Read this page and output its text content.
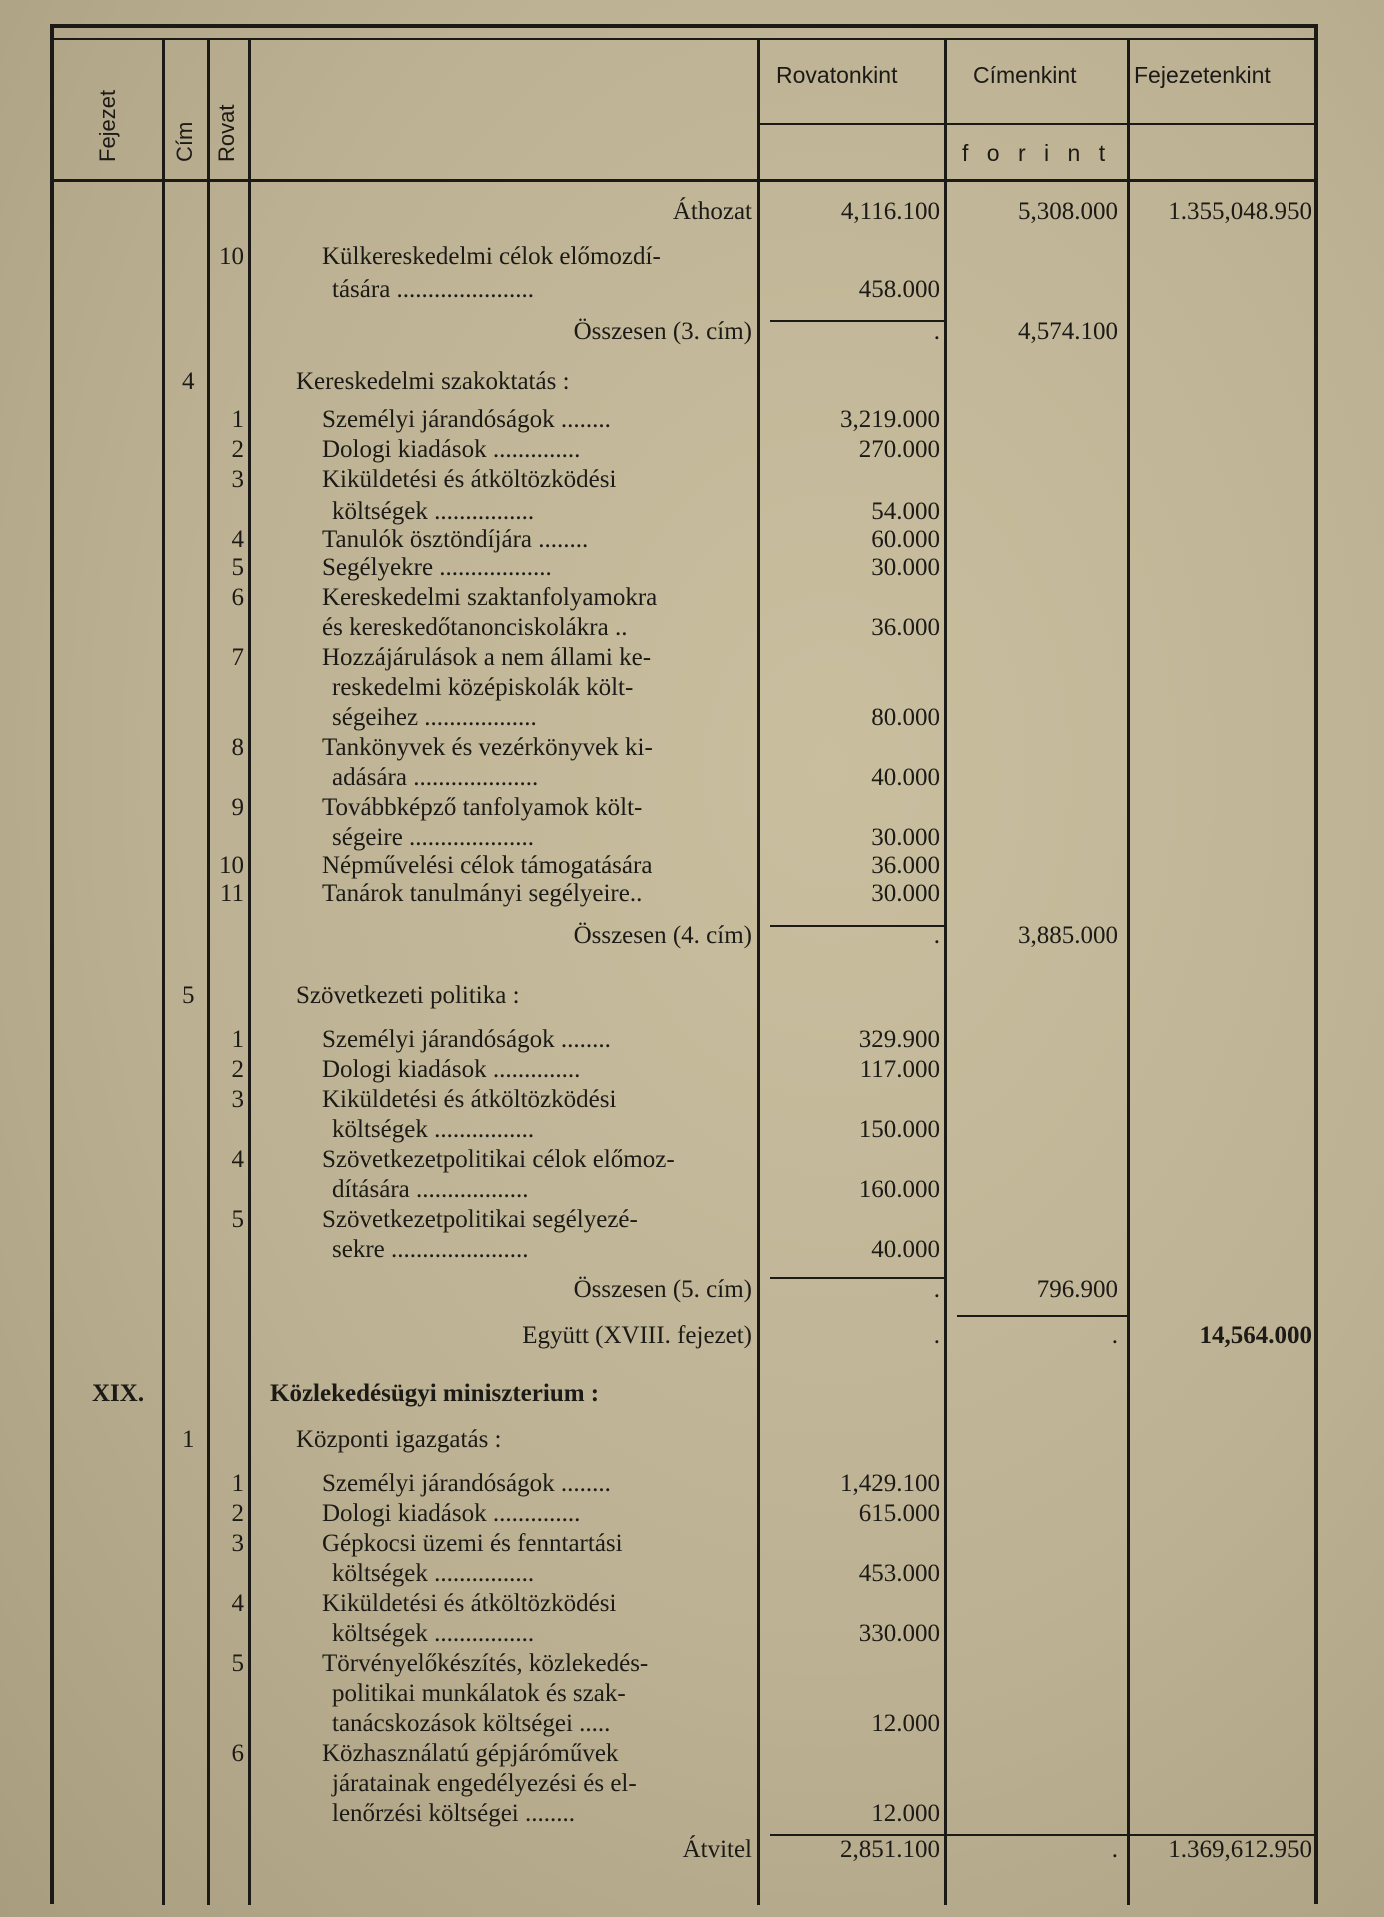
Fejezet Cím Rovat
Rovatonkint	Címenkint Fejezetenkint
f o r i n t
Áthozat	4,116.100	5,308.000 1.355,048.950
10	Külkereskedelmi célok előmozdí-
tására ......................	458.000
Összesen (3. cím)	.	4,574.100
4	Kereskedelmi szakoktatás :
1	Személyi járandóságok ........	3,219.000
2	Dologi kiadások ..............	270.000
3	Kiküldetési és átköltözködési
költségek ................	54.000
4	Tanulók ösztöndíjára ........	60.000
5	Segélyekre ..................	30.000
6	Kereskedelmi szaktanfolyamokra
és kereskedőtanonciskolákra ..	36.000
7	Hozzájárulások a nem állami ke-
reskedelmi középiskolák költ-
ségeihez ..................	80.000
8	Tankönyvek és vezérkönyvek ki-
adására ....................	40.000
9	Továbbképző tanfolyamok költ-
ségeire ....................	30.000
10	Népművelési célok támogatására	36.000
11	Tanárok tanulmányi segélyeire..	30.000
Összesen (4. cím)	.	3,885.000
5	Szövetkezeti politika :
1	Személyi járandóságok ........	329.900
2	Dologi kiadások ..............	117.000
3	Kiküldetési és átköltözködési
költségek ................	150.000
4	Szövetkezetpolitikai célok előmoz-
dítására ..................	160.000
5	Szövetkezetpolitikai segélyezé-
sekre ......................	40.000
Összesen (5. cím)	.	796.900
Együtt (XVIII. fejezet)	.	.	14,564.000
XIX.	Közlekedésügyi miniszterium :
1	Központi igazgatás :
1	Személyi járandóságok ........	1,429.100
2	Dologi kiadások ..............	615.000
3	Gépkocsi üzemi és fenntartási
költségek ................	453.000
4	Kiküldetési és átköltözködési
költségek ................	330.000
5	Törvényelőkészítés, közlekedés-
politikai munkálatok és szak-
tanácskozások költségei .....	12.000
6	Közhasználatú gépjáróművek
járatainak engedélyezési és el-
lenőrzési költségei ........	12.000
Átvitel	2,851.100	. 1.369,612.950
